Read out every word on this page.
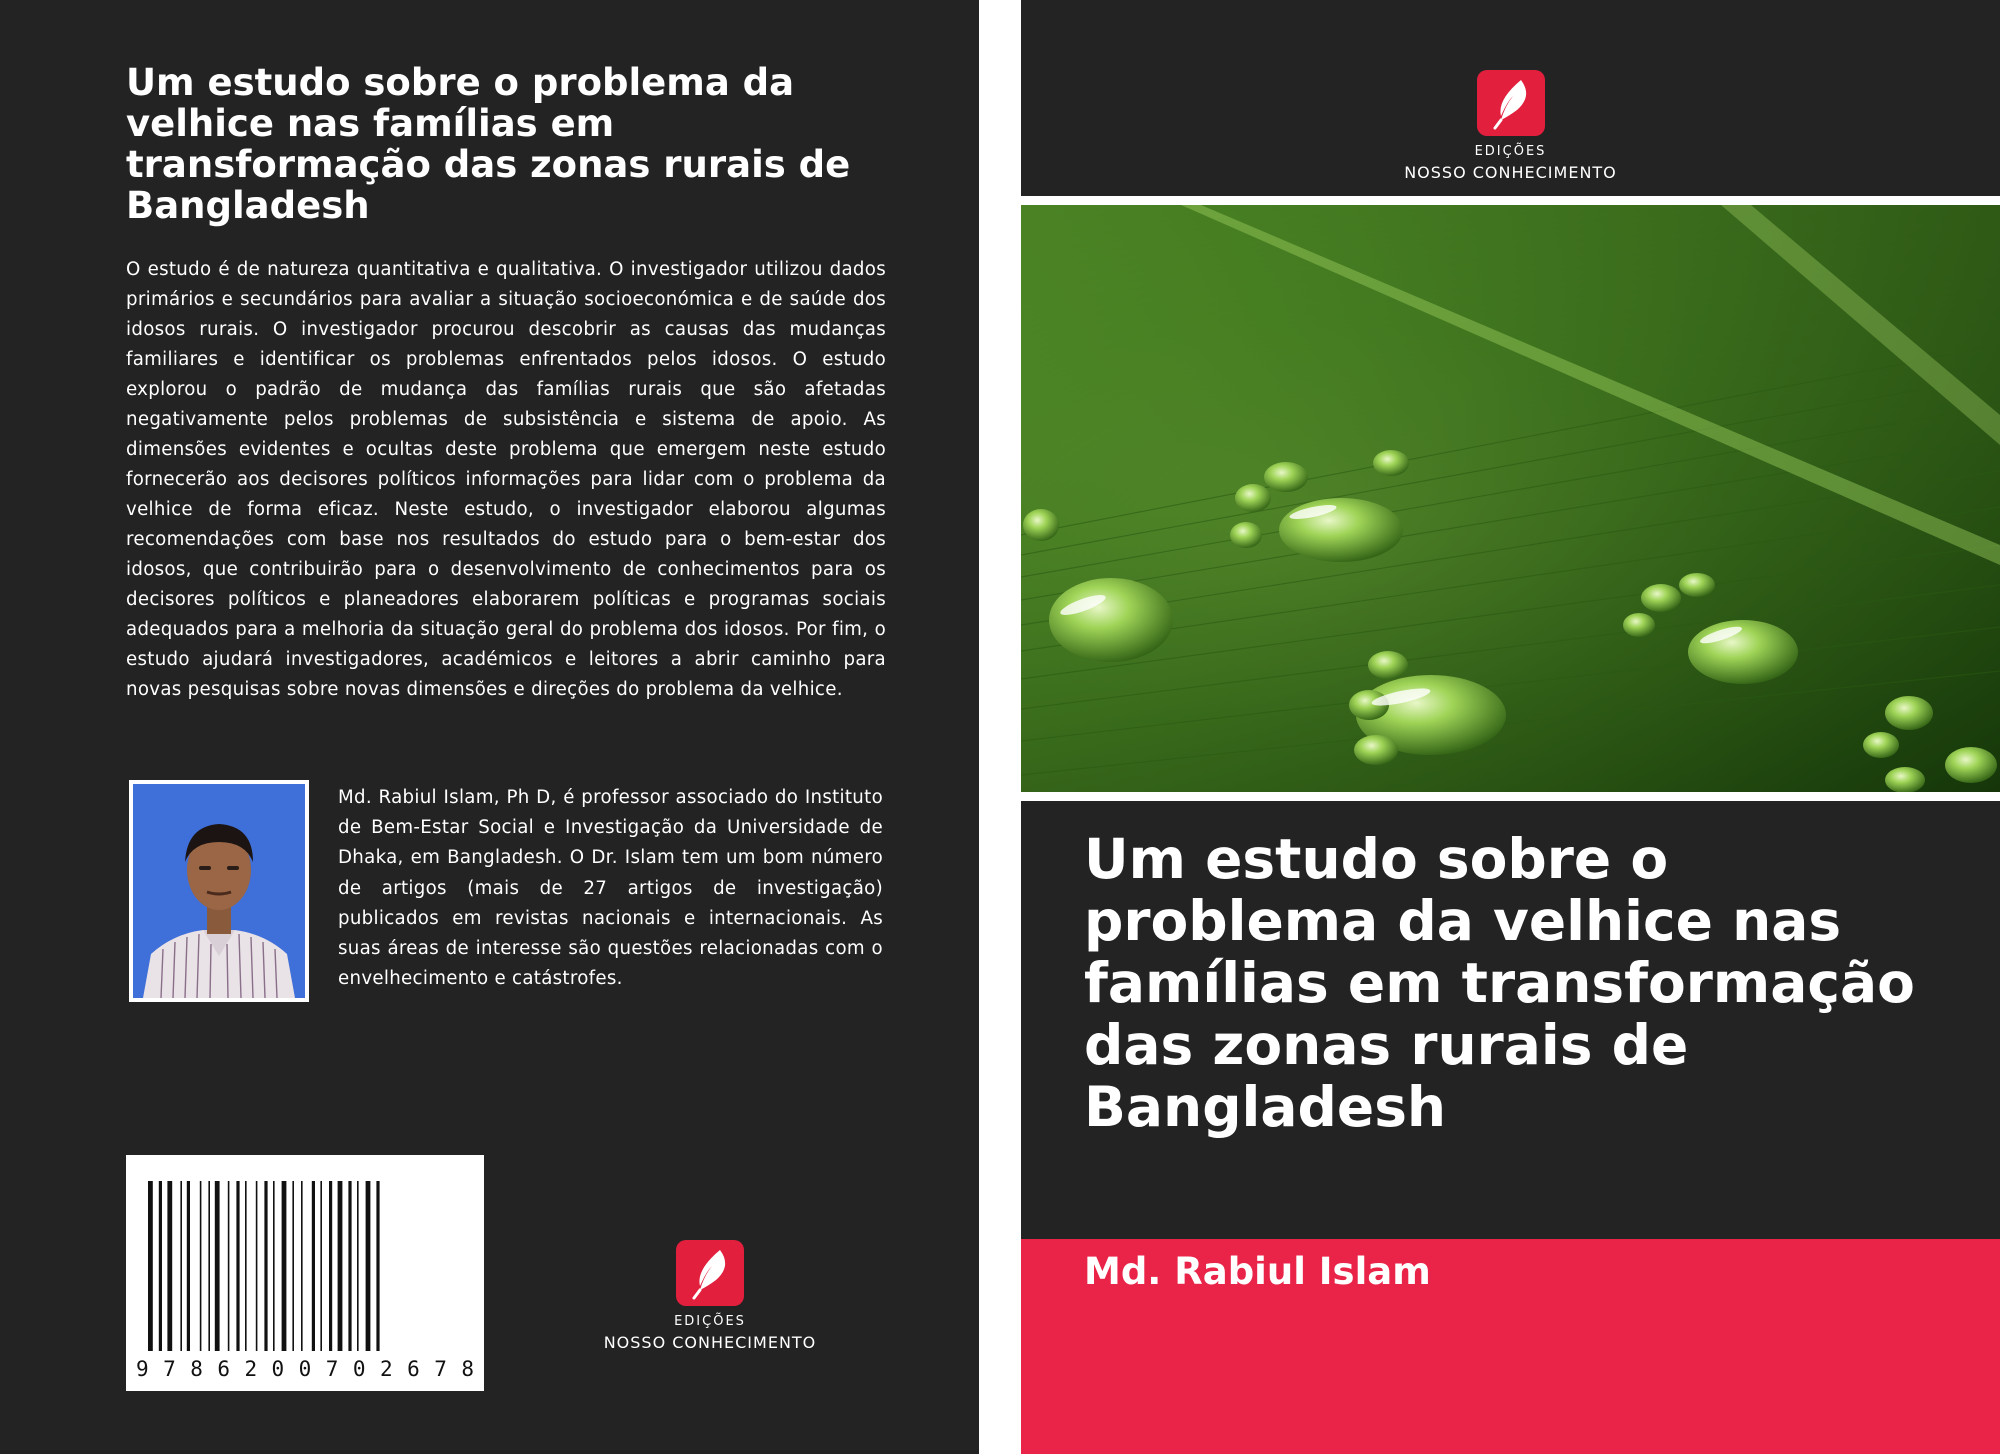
Um estudo sobre o problema da velhice nas famílias em transformação das zonas rurais de Bangladesh

O estudo é de natureza quantitativa e qualitativa. O investigador utilizou dados primários e secundários para avaliar a situação socioeconómica e de saúde dos idosos rurais. O investigador procurou descobrir as causas das mudanças familiares e identificar os problemas enfrentados pelos idosos. O estudo explorou o padrão de mudança das famílias rurais que são afetadas negativamente pelos problemas de subsistência e sistema de apoio. As dimensões evidentes e ocultas deste problema que emergem neste estudo fornecerão aos decisores políticos informações para lidar com o problema da velhice de forma eficaz. Neste estudo, o investigador elaborou algumas recomendações com base nos resultados do estudo para o bem-estar dos idosos, que contribuirão para o desenvolvimento de conhecimentos para os decisores políticos e planeadores elaborarem políticas e programas sociais adequados para a melhoria da situação geral do problema dos idosos. Por fim, o estudo ajudará investigadores, académicos e leitores a abrir caminho para novas pesquisas sobre novas dimensões e direções do problema da velhice.

Md. Rabiul Islam, Ph D, é professor associado do Instituto de Bem-Estar Social e Investigação da Universidade de Dhaka, em Bangladesh. O Dr. Islam tem um bom número de artigos (mais de 27 artigos de investigação) publicados em revistas nacionais e internacionais. As suas áreas de interesse são questões relacionadas com o envelhecimento e catástrofes.

9 7 8 6 2 0 0 7 0 2 6 7 8
EDIÇÕES
NOSSO CONHECIMENTO
EDIÇÕES
NOSSO CONHECIMENTO
Um estudo sobre o problema da velhice nas famílias em transformação das zonas rurais de Bangladesh

Md. Rabiul Islam
